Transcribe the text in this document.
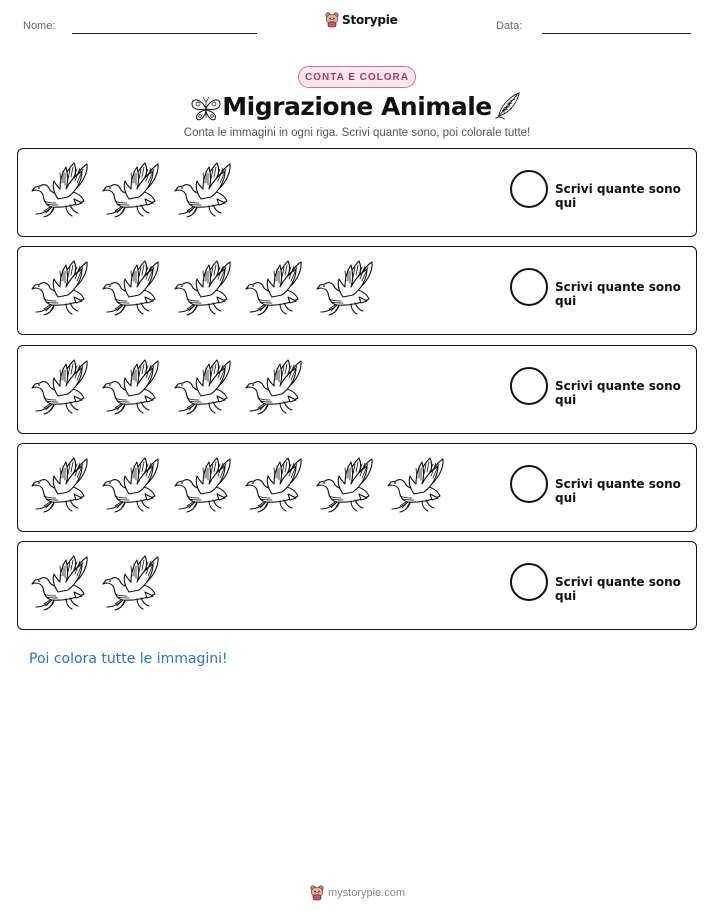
Nome:	Storypie	Data:
CONTA E COLORA
Migrazione Animale
Conta le immagini in ogni riga. Scrivi quante sono, poi colorale tutte!
Scrivi quante sono qui
Scrivi quante sono qui
Scrivi quante sono qui
Scrivi quante sono qui
Scrivi quante sono qui
Poi colora tutte le immagini!
mystorypie.com
